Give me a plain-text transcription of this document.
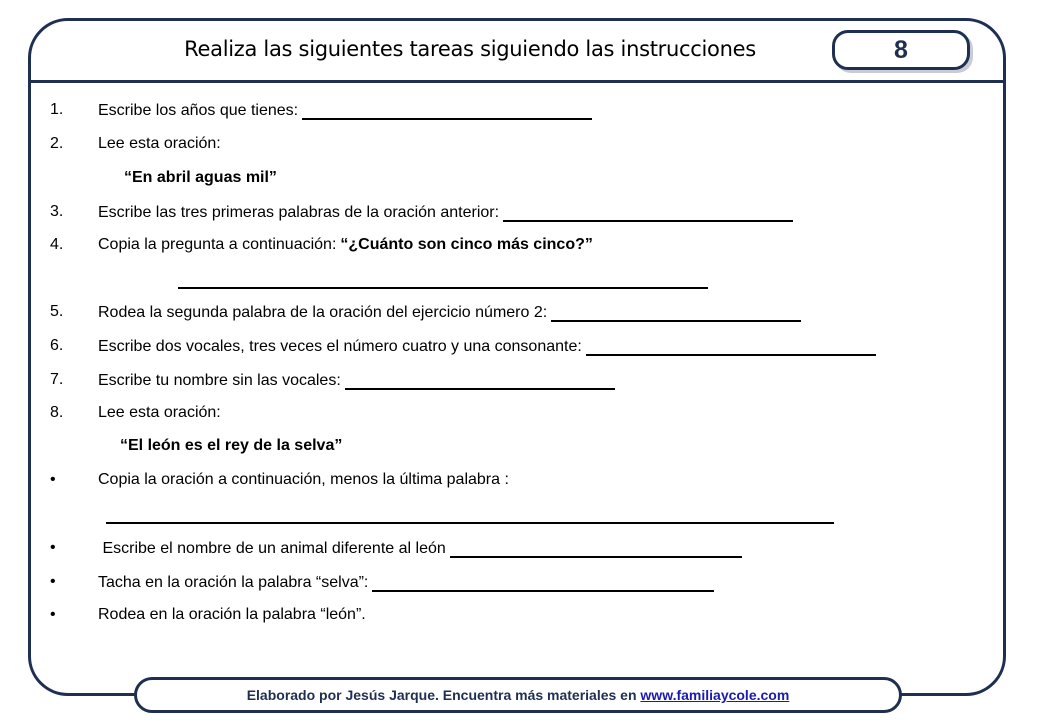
Realiza las siguientes tareas siguiendo las instrucciones	8
1. Escribe los años que tienes:
2. Lee esta oración:
“En abril aguas mil”
3. Escribe las tres primeras palabras de la oración anterior:
4. Copia la pregunta a continuación: “¿Cuánto son cinco más cinco?”
5. Rodea la segunda palabra de la oración del ejercicio número 2:
6. Escribe dos vocales, tres veces el número cuatro y una consonante:
7. Escribe tu nombre sin las vocales:
8. Lee esta oración:
“El león es el rey de la selva”
•	Copia la oración a continuación, menos la última palabra :
•	Escribe el nombre de un animal diferente al león
•	Tacha en la oración la palabra “selva”:
•	Rodea en la oración la palabra “león”.
Elaborado por Jesús Jarque. Encuentra más materiales en www.familiaycole.com
